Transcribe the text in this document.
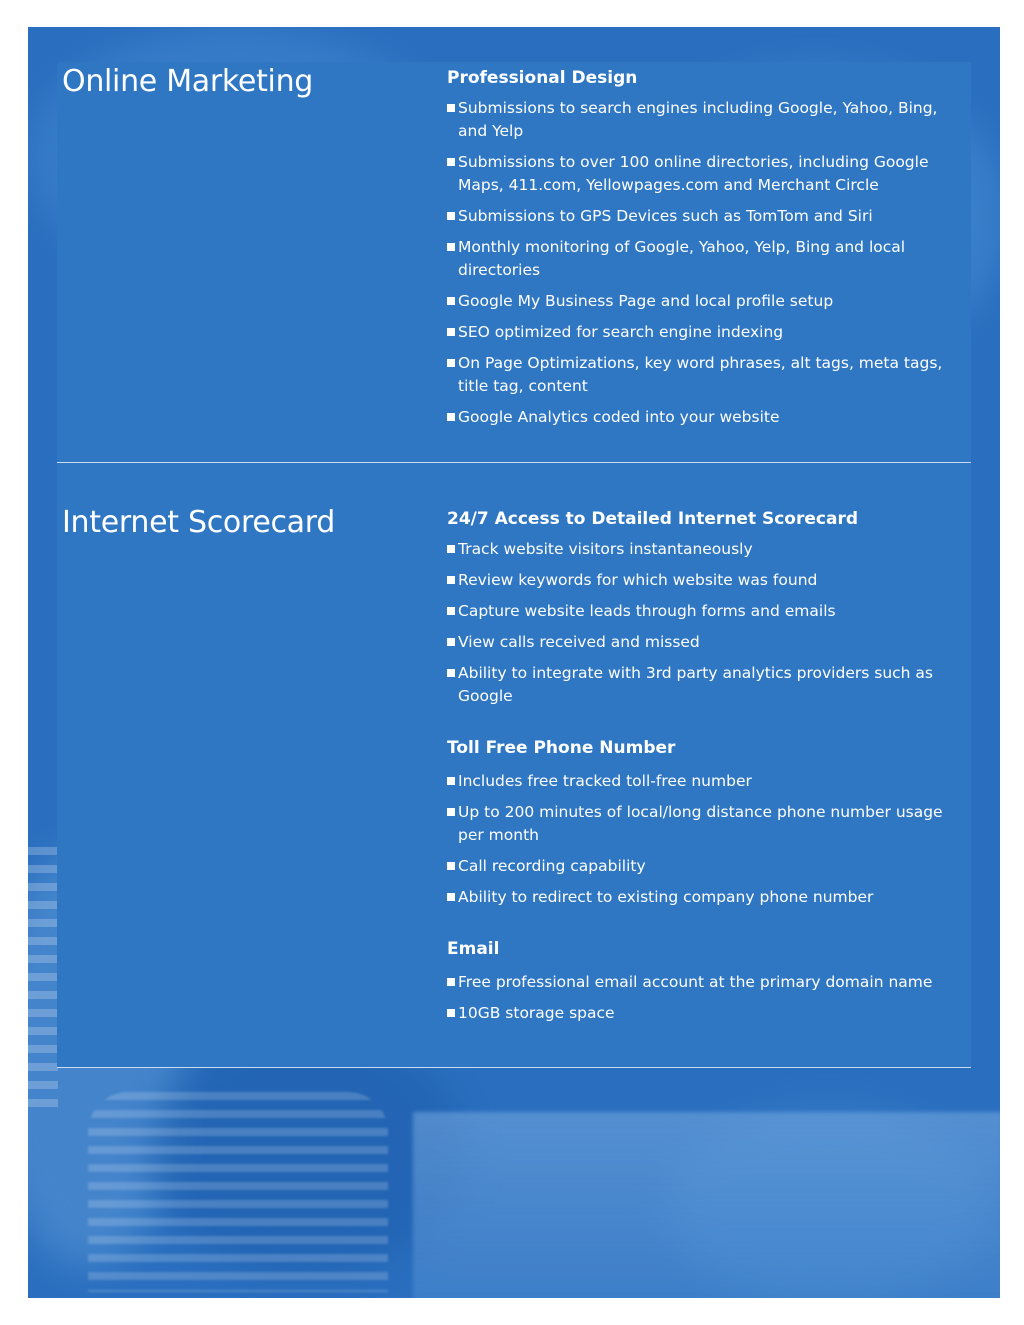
Online Marketing	Professional Design
Submissions to search engines including Google, Yahoo, Bing, and Yelp
Submissions to over 100 online directories, including Google Maps, 411.com, Yellowpages.com and Merchant Circle
Submissions to GPS Devices such as TomTom and Siri
Monthly monitoring of Google, Yahoo, Yelp, Bing and local directories
Google My Business Page and local profile setup
SEO optimized for search engine indexing
On Page Optimizations, key word phrases, alt tags, meta tags, title tag, content
Google Analytics coded into your website
Internet Scorecard	24/7 Access to Detailed Internet Scorecard
Track website visitors instantaneously
Review keywords for which website was found
Capture website leads through forms and emails
View calls received and missed
Ability to integrate with 3rd party analytics providers such as Google
Toll Free Phone Number
Includes free tracked toll-free number
Up to 200 minutes of local/long distance phone number usage per month
Call recording capability
Ability to redirect to existing company phone number
Email
Free professional email account at the primary domain name
10GB storage space
